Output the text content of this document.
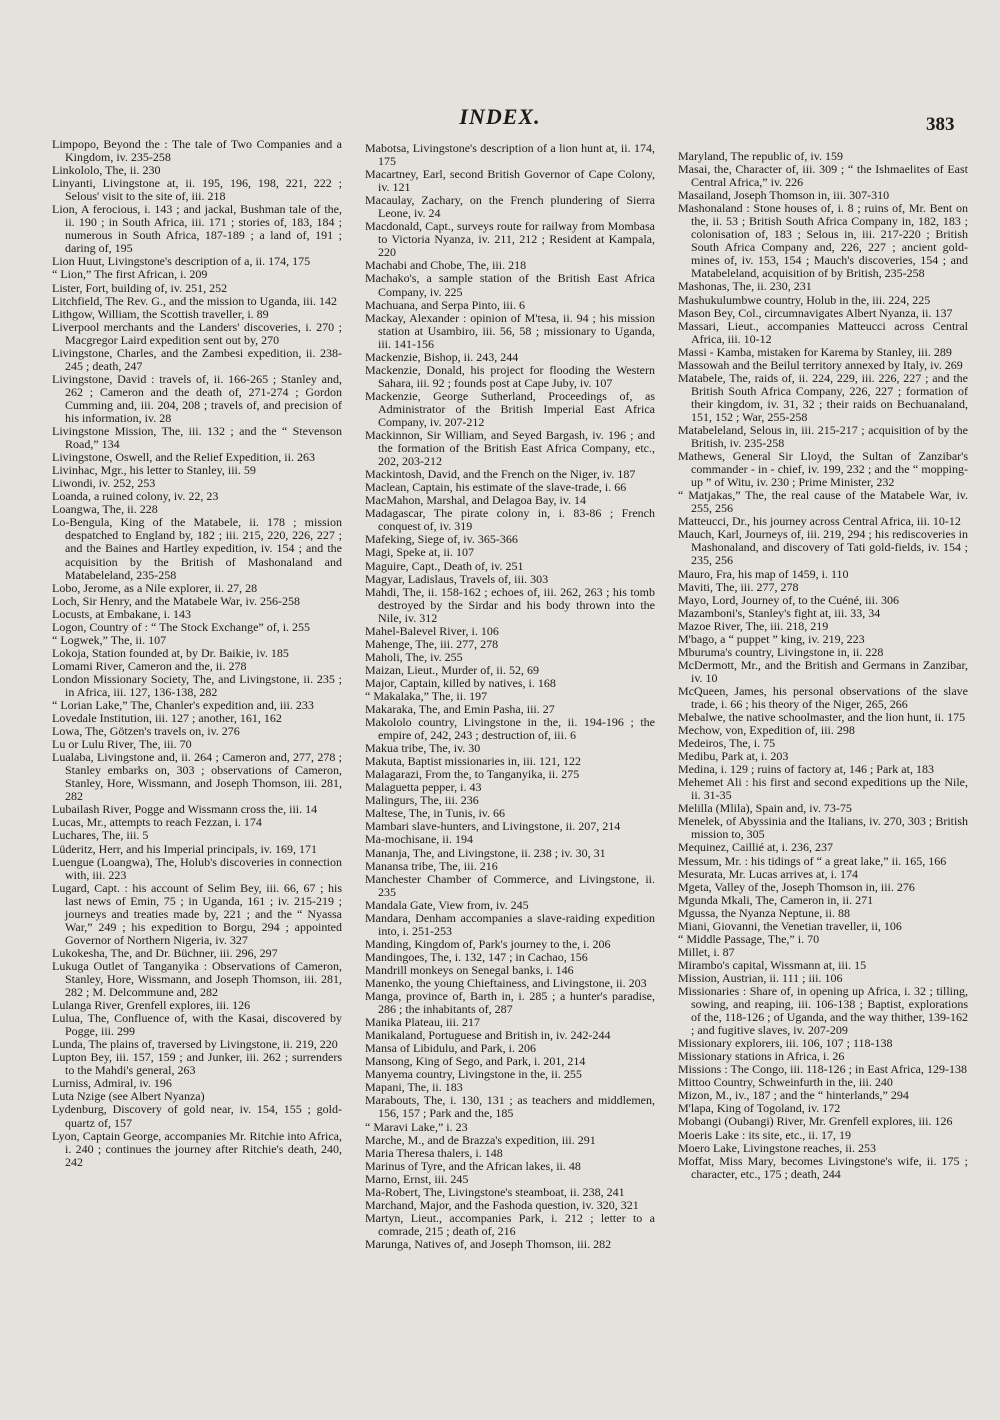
INDEX.	383
Limpopo, Beyond the : The tale of Two Companies and a Kingdom, iv. 235-258
Linkololo, The, ii. 230
Linyanti, Livingstone at, ii. 195, 196, 198, 221, 222 ; Selous' visit to the site of, iii. 218
Lion, A ferocious, i. 143 ; and jackal, Bushman tale of the, ii. 190 ; in South Africa, iii. 171 ; stories of, 183, 184 ; numerous in South Africa, 187-189 ; a land of, 191 ; daring of, 195
Lion Huut, Livingstone's description of a, ii. 174, 175
“ Lion,” The first African, i. 209
Lister, Fort, building of, iv. 251, 252
Litchfield, The Rev. G., and the mission to Uganda, iii. 142
Lithgow, William, the Scottish traveller, i. 89
Liverpool merchants and the Landers' discoveries, i. 270 ; Macgregor Laird expedition sent out by, 270
Livingstone, Charles, and the Zambesi expedition, ii. 238-245 ; death, 247
Livingstone, David : travels of, ii. 166-265 ; Stanley and, 262 ; Cameron and the death of, 271-274 ; Gordon Cumming and, iii. 204, 208 ; travels of, and precision of his information, iv. 28
Livingstone Mission, The, iii. 132 ; and the “ Stevenson Road,” 134
Livingstone, Oswell, and the Relief Expedition, ii. 263
Livinhac, Mgr., his letter to Stanley, iii. 59
Liwondi, iv. 252, 253
Loanda, a ruined colony, iv. 22, 23
Loangwa, The, ii. 228
Lo-Bengula, King of the Matabele, ii. 178 ; mission despatched to England by, 182 ; iii. 215, 220, 226, 227 ; and the Baines and Hartley expedition, iv. 154 ; and the acquisition by the British of Mashonaland and Matabeleland, 235-258
Lobo, Jerome, as a Nile explorer, ii. 27, 28
Loch, Sir Henry, and the Matabele War, iv. 256-258
Locusts, at Embakane, i. 143
Logon, Country of : “ The Stock Exchange” of, i. 255
“ Logwek,” The, ii. 107
Lokoja, Station founded at, by Dr. Baikie, iv. 185
Lomami River, Cameron and the, ii. 278
London Missionary Society, The, and Livingstone, ii. 235 ; in Africa, iii. 127, 136-138, 282
“ Lorian Lake,” The, Chanler's expedition and, iii. 233
Lovedale Institution, iii. 127 ; another, 161, 162
Lowa, The, Götzen's travels on, iv. 276
Lu or Lulu River, The, iii. 70
Lualaba, Livingstone and, ii. 264 ; Cameron and, 277, 278 ; Stanley embarks on, 303 ; observations of Cameron, Stanley, Hore, Wissmann, and Joseph Thomson, iii. 281, 282
Lubailash River, Pogge and Wissmann cross the, iii. 14
Lucas, Mr., attempts to reach Fezzan, i. 174
Luchares, The, iii. 5
Lüderitz, Herr, and his Imperial principals, iv. 169, 171
Luengue (Loangwa), The, Holub's discoveries in connection with, iii. 223
Lugard, Capt. : his account of Selim Bey, iii. 66, 67 ; his last news of Emin, 75 ; in Uganda, 161 ; iv. 215-219 ; journeys and treaties made by, 221 ; and the “ Nyassa War,” 249 ; his expedition to Borgu, 294 ; appointed Governor of Northern Nigeria, iv. 327
Lukokesha, The, and Dr. Büchner, iii. 296, 297
Lukuga Outlet of Tanganyika : Observations of Cameron, Stanley, Hore, Wissmann, and Joseph Thomson, iii. 281, 282 ; M. Delcommune and, 282
Lulanga River, Grenfell explores, iii. 126
Lulua, The, Confluence of, with the Kasai, discovered by Pogge, iii. 299
Lunda, The plains of, traversed by Livingstone, ii. 219, 220
Lupton Bey, iii. 157, 159 ; and Junker, iii. 262 ; surrenders to the Mahdi's general, 263
Lurniss, Admiral, iv. 196
Luta Nzige (see Albert Nyanza)
Lydenburg, Discovery of gold near, iv. 154, 155 ; gold-quartz of, 157
Lyon, Captain George, accompanies Mr. Ritchie into Africa, i. 240 ; continues the journey after Ritchie's death, 240, 242
Mabotsa, Livingstone's description of a lion hunt at, ii. 174, 175
Macartney, Earl, second British Governor of Cape Colony, iv. 121
Macaulay, Zachary, on the French plundering of Sierra Leone, iv. 24
Macdonald, Capt., surveys route for railway from Mombasa to Victoria Nyanza, iv. 211, 212 ; Resident at Kampala, 220
Machabi and Chobe, The, iii. 218
Machako's, a sample station of the British East Africa Company, iv. 225
Machuana, and Serpa Pinto, iii. 6
Mackay, Alexander : opinion of M'tesa, ii. 94 ; his mission station at Usambiro, iii. 56, 58 ; missionary to Uganda, iii. 141-156
Mackenzie, Bishop, ii. 243, 244
Mackenzie, Donald, his project for flooding the Western Sahara, iii. 92 ; founds post at Cape Juby, iv. 107
Mackenzie, George Sutherland, Proceedings of, as Administrator of the British Imperial East Africa Company, iv. 207-212
Mackinnon, Sir William, and Seyed Bargash, iv. 196 ; and the formation of the British East Africa Company, etc., 202, 203-212
Mackintosh, David, and the French on the Niger, iv. 187
Maclean, Captain, his estimate of the slave-trade, i. 66
MacMahon, Marshal, and Delagoa Bay, iv. 14
Madagascar, The pirate colony in, i. 83-86 ; French conquest of, iv. 319
Mafeking, Siege of, iv. 365-366
Magi, Speke at, ii. 107
Maguire, Capt., Death of, iv. 251
Magyar, Ladislaus, Travels of, iii. 303
Mahdi, The, ii. 158-162 ; echoes of, iii. 262, 263 ; his tomb destroyed by the Sirdar and his body thrown into the Nile, iv. 312
Mahel-Balevel River, i. 106
Mahenge, The, iii. 277, 278
Maholi, The, iv. 255
Maizan, Lieut., Murder of, ii. 52, 69
Major, Captain, killed by natives, i. 168
“ Makalaka,” The, ii. 197
Makaraka, The, and Emin Pasha, iii. 27
Makololo country, Livingstone in the, ii. 194-196 ; the empire of, 242, 243 ; destruction of, iii. 6
Makua tribe, The, iv. 30
Makuta, Baptist missionaries in, iii. 121, 122
Malagarazi, From the, to Tanganyika, ii. 275
Malaguetta pepper, i. 43
Malingurs, The, iii. 236
Maltese, The, in Tunis, iv. 66
Mambari slave-hunters, and Livingstone, ii. 207, 214
Ma-mochisane, ii. 194
Mananja, The, and Livingstone, ii. 238 ; iv. 30, 31
Manansa tribe, The, iii. 216
Manchester Chamber of Commerce, and Livingstone, ii. 235
Mandala Gate, View from, iv. 245
Mandara, Denham accompanies a slave-raiding expedition into, i. 251-253
Manding, Kingdom of, Park's journey to the, i. 206
Mandingoes, The, i. 132, 147 ; in Cachao, 156
Mandrill monkeys on Senegal banks, i. 146
Manenko, the young Chieftainess, and Livingstone, ii. 203
Manga, province of, Barth in, i. 285 ; a hunter's paradise, 286 ; the inhabitants of, 287
Manika Plateau, iii. 217
Manikaland, Portuguese and British in, iv. 242-244
Mansa of Libidulu, and Park, i. 206
Mansong, King of Sego, and Park, i. 201, 214
Manyema country, Livingstone in the, ii. 255
Mapani, The, ii. 183
Marabouts, The, i. 130, 131 ; as teachers and middlemen, 156, 157 ; Park and the, 185
“ Maravi Lake,” i. 23
Marche, M., and de Brazza's expedition, iii. 291
Maria Theresa thalers, i. 148
Marinus of Tyre, and the African lakes, ii. 48
Marno, Ernst, iii. 245
Ma-Robert, The, Livingstone's steamboat, ii. 238, 241
Marchand, Major, and the Fashoda question, iv. 320, 321
Martyn, Lieut., accompanies Park, i. 212 ; letter to a comrade, 215 ; death of, 216
Marunga, Natives of, and Joseph Thomson, iii. 282
Maryland, The republic of, iv. 159
Masai, the, Character of, iii. 309 ; “ the Ishmaelites of East Central Africa,” iv. 226
Masailand, Joseph Thomson in, iii. 307-310
Mashonaland : Stone houses of, i. 8 ; ruins of, Mr. Bent on the, ii. 53 ; British South Africa Company in, 182, 183 ; colonisation of, 183 ; Selous in, iii. 217-220 ; British South Africa Company and, 226, 227 ; ancient gold-mines of, iv. 153, 154 ; Mauch's discoveries, 154 ; and Matabeleland, acquisition of by British, 235-258
Mashonas, The, ii. 230, 231
Mashukulumbwe country, Holub in the, iii. 224, 225
Mason Bey, Col., circumnavigates Albert Nyanza, ii. 137
Massari, Lieut., accompanies Matteucci across Central Africa, iii. 10-12
Massi - Kamba, mistaken for Karema by Stanley, iii. 289
Massowah and the Beilul territory annexed by Italy, iv. 269
Matabele, The, raids of, ii. 224, 229, iii. 226, 227 ; and the British South Africa Company, 226, 227 ; formation of their kingdom, iv. 31, 32 ; their raids on Bechuanaland, 151, 152 ; War, 255-258
Matabeleland, Selous in, iii. 215-217 ; acquisition of by the British, iv. 235-258
Mathews, General Sir Lloyd, the Sultan of Zanzibar's commander - in - chief, iv. 199, 232 ; and the “ mopping-up ” of Witu, iv. 230 ; Prime Minister, 232
“ Matjakas,” The, the real cause of the Matabele War, iv. 255, 256
Matteucci, Dr., his journey across Central Africa, iii. 10-12
Mauch, Karl, Journeys of, iii. 219, 294 ; his rediscoveries in Mashonaland, and discovery of Tati gold-fields, iv. 154 ; 235, 256
Mauro, Fra, his map of 1459, i. 110
Maviti, The, iii. 277, 278
Mayo, Lord, Journey of, to the Cuéné, iii. 306
Mazamboni's, Stanley's fight at, iii. 33, 34
Mazoe River, The, iii. 218, 219
M'bago, a “ puppet ” king, iv. 219, 223
Mburuma's country, Livingstone in, ii. 228
McDermott, Mr., and the British and Germans in Zanzibar, iv. 10
McQueen, James, his personal observations of the slave trade, i. 66 ; his theory of the Niger, 265, 266
Mebalwe, the native schoolmaster, and the lion hunt, ii. 175
Mechow, von, Expedition of, iii. 298
Medeiros, The, i. 75
Medibu, Park at, i. 203
Medina, i. 129 ; ruins of factory at, 146 ; Park at, 183
Mehemet Ali : his first and second expeditions up the Nile, ii. 31-35
Melilla (Mlila), Spain and, iv. 73-75
Menelek, of Abyssinia and the Italians, iv. 270, 303 ; British mission to, 305
Mequinez, Caillié at, i. 236, 237
Messum, Mr. : his tidings of “ a great lake,” ii. 165, 166
Mesurata, Mr. Lucas arrives at, i. 174
Mgeta, Valley of the, Joseph Thomson in, iii. 276
Mgunda Mkali, The, Cameron in, ii. 271
Mgussa, the Nyanza Neptune, ii. 88
Miani, Giovanni, the Venetian traveller, ii, 106
“ Middle Passage, The,” i. 70
Millet, i. 87
Mirambo's capital, Wissmann at, iii. 15
Mission, Austrian, ii. 111 ; iii. 106
Missionaries : Share of, in opening up Africa, i. 32 ; tilling, sowing, and reaping, iii. 106-138 ; Baptist, explorations of the, 118-126 ; of Uganda, and the way thither, 139-162 ; and fugitive slaves, iv. 207-209
Missionary explorers, iii. 106, 107 ; 118-138
Missionary stations in Africa, i. 26
Missions : The Congo, iii. 118-126 ; in East Africa, 129-138
Mittoo Country, Schweinfurth in the, iii. 240
Mizon, M., iv., 187 ; and the “ hinterlands,” 294
M'lapa, King of Togoland, iv. 172
Mobangi (Oubangi) River, Mr. Grenfell explores, iii. 126
Moeris Lake : its site, etc., ii. 17, 19
Moero Lake, Livingstone reaches, ii. 253
Moffat, Miss Mary, becomes Livingstone's wife, ii. 175 ; character, etc., 175 ; death, 244
